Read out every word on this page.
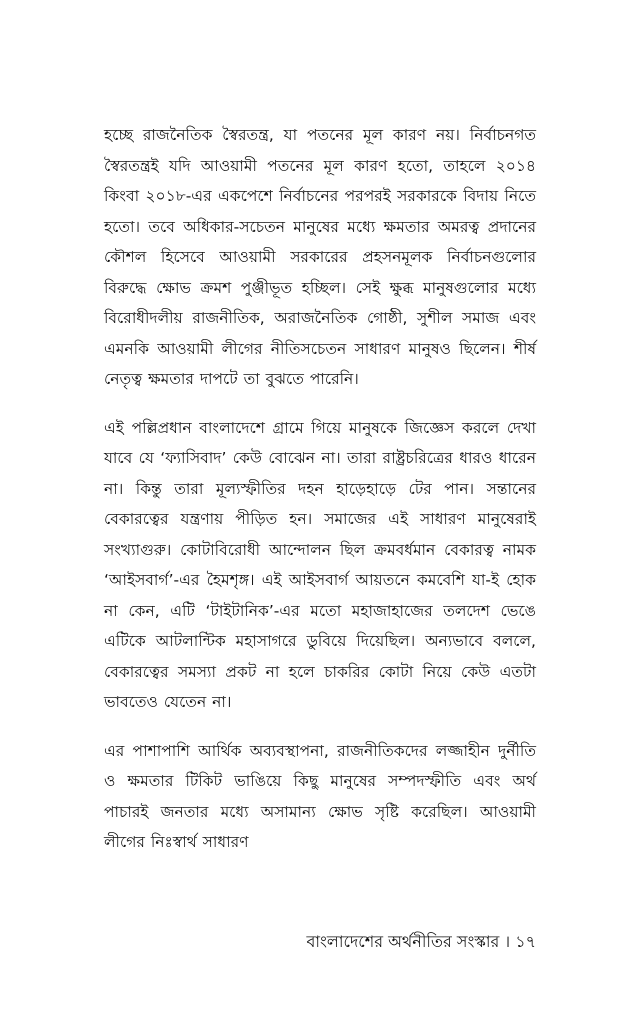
হচ্ছে রাজনৈতিক স্বৈরতন্ত্র, যা পতনের মূল কারণ নয়। নির্বাচনগত স্বৈরতন্ত্রই যদি আওয়ামী পতনের মূল কারণ হতো, তাহলে ২০১৪ কিংবা ২০১৮-এর একপেশে নির্বাচনের পরপরই সরকারকে বিদায় নিতে হতো। তবে অধিকার-সচেতন মানুষের মধ্যে ক্ষমতার অমরত্ব প্রদানের কৌশল হিসেবে আওয়ামী সরকারের প্রহসনমূলক নির্বাচনগুলোর বিরুদ্ধে ক্ষোভ ক্রমশ পুঞ্জীভূত হচ্ছিল। সেই ক্ষুব্ধ মানুষগুলোর মধ্যে বিরোধীদলীয় রাজনীতিক, অরাজনৈতিক গোষ্ঠী, সুশীল সমাজ এবং এমনকি আওয়ামী লীগের নীতিসচেতন সাধারণ মানুষও ছিলেন। শীর্ষ নেতৃত্ব ক্ষমতার দাপটে তা বুঝতে পারেনি।

এই পল্লিপ্রধান বাংলাদেশে গ্রামে গিয়ে মানুষকে জিজ্ঞেস করলে দেখা যাবে যে ‘ফ্যাসিবাদ’ কেউ বোঝেন না। তারা রাষ্ট্রচরিত্রের ধারও ধারেন না। কিন্তু তারা মূল্যস্ফীতির দহন হাড়েহাড়ে টের পান। সন্তানের বেকারত্বের যন্ত্রণায় পীড়িত হন। সমাজের এই সাধারণ মানুষেরাই সংখ্যাগুরু। কোটাবিরোধী আন্দোলন ছিল ক্রমবর্ধমান বেকারত্ব নামক ‘আইসবার্গ’-এর হৈমশৃঙ্গ। এই আইসবার্গ আয়তনে কমবেশি যা-ই হোক না কেন, এটি ‘টাইটানিক’-এর মতো মহাজাহাজের তলদেশ ভেঙে এটিকে আটলান্টিক মহাসাগরে ডুবিয়ে দিয়েছিল। অন্যভাবে বললে, বেকারত্বের সমস্যা প্রকট না হলে চাকরির কোটা নিয়ে কেউ এতটা ভাবতেও যেতেন না।

এর পাশাপাশি আর্থিক অব্যবস্থাপনা, রাজনীতিকদের লজ্জাহীন দুর্নীতি ও ক্ষমতার টিকিট ভাঙিয়ে কিছু মানুষের সম্পদস্ফীতি এবং অর্থ পাচারই জনতার মধ্যে অসামান্য ক্ষোভ সৃষ্টি করেছিল। আওয়ামী লীগের নিঃস্বার্থ সাধারণ

বাংলাদেশের অর্থনীতির সংস্কার । ১৭
